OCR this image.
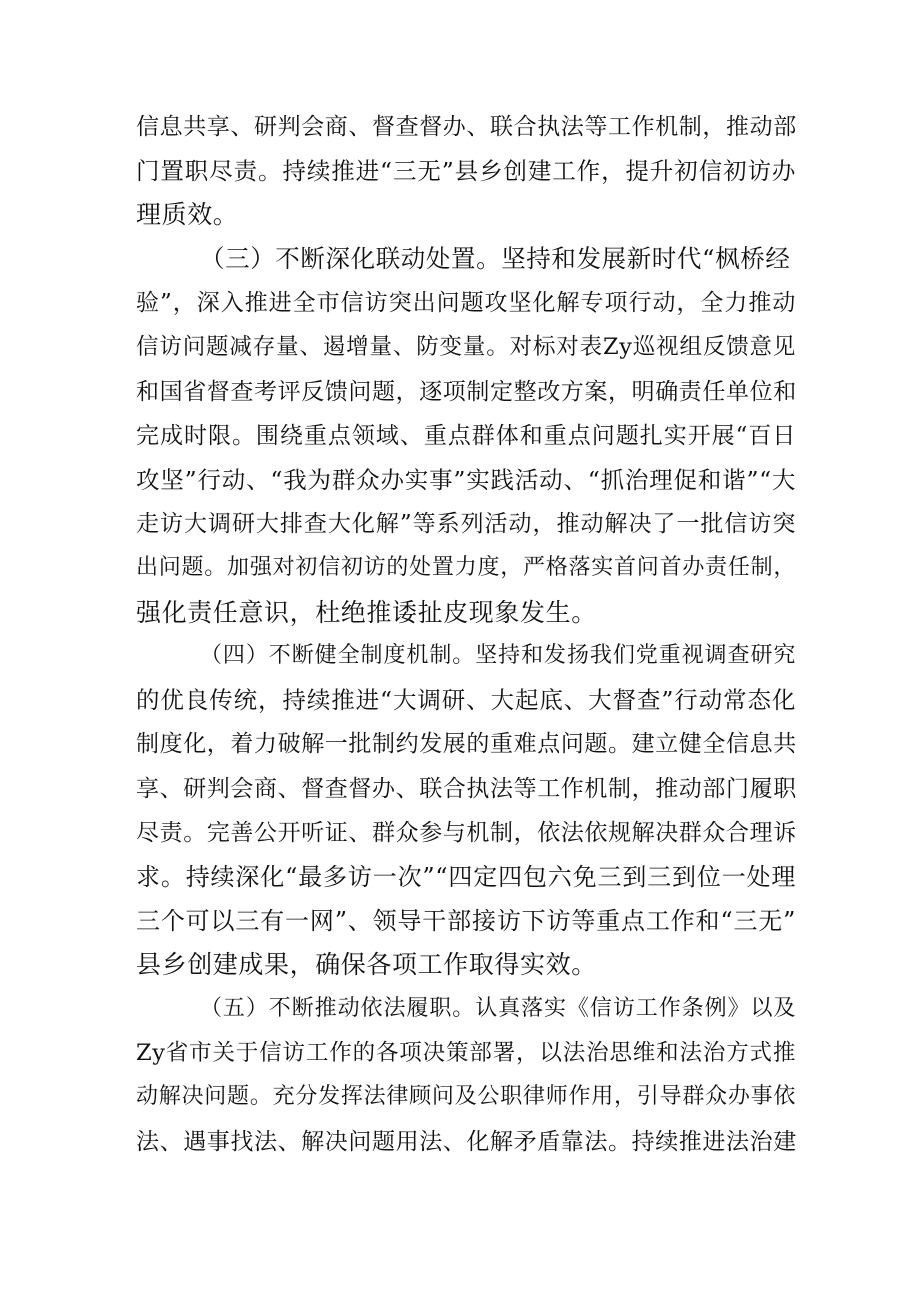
信息共享、研判会商、督查督办、联合执法等工作机制，推动部
门置职尽责。持续推进“三无”县乡创建工作，提升初信初访办
理质效。
（三）不断深化联动处置。坚持和发展新时代“枫桥经
验”，深入推进全市信访突出问题攻坚化解专项行动，全力推动
信访问题减存量、遏增量、防变量。对标对表Zy巡视组反馈意见
和国省督查考评反馈问题，逐项制定整改方案，明确责任单位和
完成时限。围绕重点领域、重点群体和重点问题扎实开展“百日
攻坚”行动、“我为群众办实事”实践活动、“抓治理促和谐”“大
走访大调研大排查大化解”等系列活动，推动解决了一批信访突
出问题。加强对初信初访的处置力度，严格落实首问首办责任制，
强化责任意识，杜绝推诿扯皮现象发生。
（四）不断健全制度机制。坚持和发扬我们党重视调查研究
的优良传统，持续推进“大调研、大起底、大督查”行动常态化
制度化，着力破解一批制约发展的重难点问题。建立健全信息共
享、研判会商、督查督办、联合执法等工作机制，推动部门履职
尽责。完善公开听证、群众参与机制，依法依规解决群众合理诉
求。持续深化“最多访一次”“四定四包六免三到三到位一处理
三个可以三有一网”、领导干部接访下访等重点工作和“三无”
县乡创建成果，确保各项工作取得实效。
（五）不断推动依法履职。认真落实《信访工作条例》以及
Zy省市关于信访工作的各项决策部署，以法治思维和法治方式推
动解决问题。充分发挥法律顾问及公职律师作用，引导群众办事依
法、遇事找法、解决问题用法、化解矛盾靠法。持续推进法治建
